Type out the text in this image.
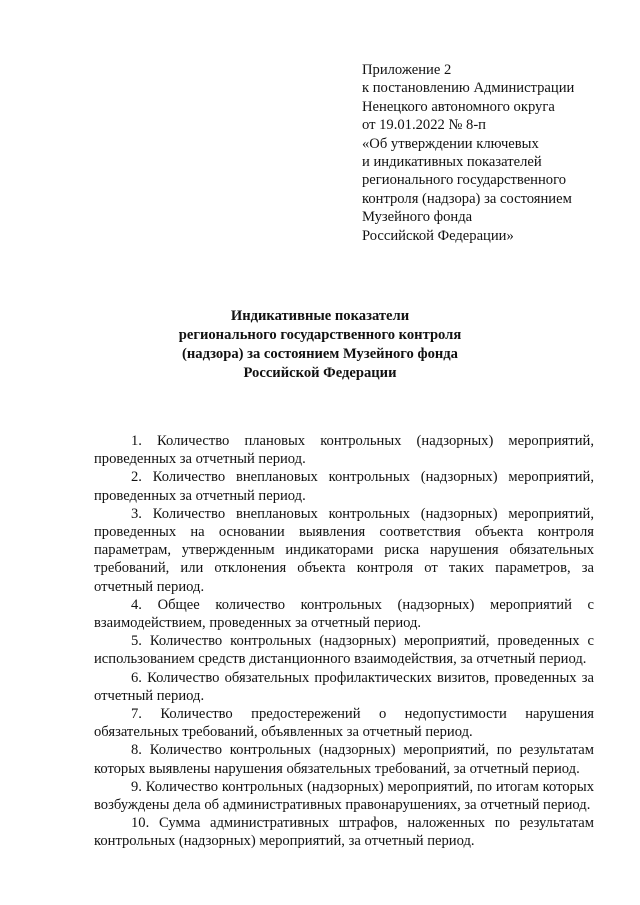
Приложение 2
к постановлению Администрации
Ненецкого автономного округа
от 19.01.2022 № 8-п
«Об утверждении ключевых
и индикативных показателей
регионального государственного
контроля (надзора) за состоянием
Музейного фонда
Российской Федерации»
Индикативные показатели
регионального государственного контроля
(надзора) за состоянием Музейного фонда
Российской Федерации

1. Количество плановых контрольных (надзорных) мероприятий, проведенных за отчетный период.

2. Количество внеплановых контрольных (надзорных) мероприятий, проведенных за отчетный период.

3. Количество внеплановых контрольных (надзорных) мероприятий, проведенных на основании выявления соответствия объекта контроля параметрам, утвержденным индикаторами риска нарушения обязательных требований, или отклонения объекта контроля от таких параметров, за отчетный период.

4. Общее количество контрольных (надзорных) мероприятий с взаимодействием, проведенных за отчетный период.

5. Количество контрольных (надзорных) мероприятий, проведенных с использованием средств дистанционного взаимодействия, за отчетный период.

6. Количество обязательных профилактических визитов, проведенных за отчетный период.

7. Количество предостережений о недопустимости нарушения обязательных требований, объявленных за отчетный период.

8. Количество контрольных (надзорных) мероприятий, по результатам которых выявлены нарушения обязательных требований, за отчетный период.

9. Количество контрольных (надзорных) мероприятий, по итогам которых возбуждены дела об административных правонарушениях, за отчетный период.

10. Сумма административных штрафов, наложенных по результатам контрольных (надзорных) мероприятий, за отчетный период.
